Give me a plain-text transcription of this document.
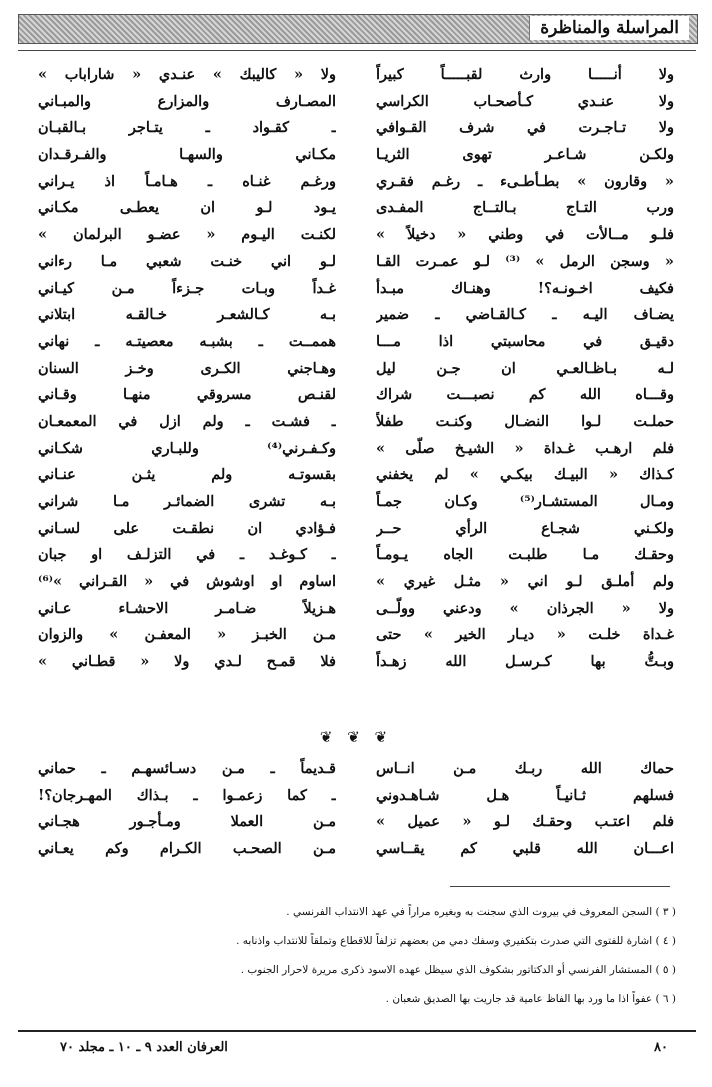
المراسلة والمناظرة
ولا أنـــــا وارث لقبـــــاً كبيراً
ولا « كاليبك » عنـدي « شاراباب »
ولا عنـدي كـأصحـاب الكراسي
المصـارف والمزارع والمبـاني
ولا تـاجـرت في شرف القـوافي
ـ كقـواد ـ يتـاجر بـالقبـان
ولكـن شـاعـر تهوى الثريـا
مكـاني والسهـا والفـرقـدان
« وقارون » بطـأطـىء ـ رغـم فقـري
ورغـم غنـاه ـ هـامـاً اذ يـراني
ورب التـاج بـالتــاج المفـدى
يـود لـو ان يعطـى مكـاني
فلـو مــالأت في وطني « دخيلاً »
لكنـت اليـوم « عضـو البرلمان »
« وسجن الرمل » ⁽³⁾ لـو عمـرت القـا
لـو اني خنـت شعبي مـا رءاني
فكيف اخـونـه؟! وهنـاك مبـدأ
غـداً وبـات جـزءاً مـن كيـاني
يضـاف اليـه ـ كـالقـاضي ـ ضمير
بـه كـالشعـر خـالقـه ابتلاني
دقيـق في محاسبتي اذا مـــا
هممــت ـ بشبـه معصيتـه ـ نهاني
لـه بـاظـالعـي ان جـن ليل
وهـاجني الكـرى وخـز السنان
وقـــاه الله كم نصبـــت شراك
لقنـص مسروقي منهـا وقـاني
حملـت لـوا النضـال وكنـت طفلاً
ـ فشـت ـ ولم ازل في المعمعـان
فلم ارهـب غـداة « الشيـخ صلّى »
وكـفـرني⁽⁴⁾ وللبـاري شكـاني
كـذاك « البيـك بيكـي » لم يخفني
بقسوتـه ولم يثـن عنـاني
ومـال المستشـار⁽⁵⁾ وكـان جمـاً
بـه تشرى الضمائـر مـا شراني
ولكـني شجـاع الرأي حــر
فـؤادي ان نطقـت على لسـاني
وحقـك مـا طلبـت الجاه يـومـاً
ـ كـوغـد ـ في التزلـف او جبان
ولم أملـق لـو اني « مثـل غيري »
اساوم او اوشوش في « القـراني »⁽⁶⁾
ولا « الجرذان » ودعني وولّــى
هـزيلاً ضـامـر الاحشـاء عـاني
غـداة خلـت « ديـار الخير » حتى
مـن الخبـز « المعفـن » والزوان
وبـتُّ بها كـرسـل الله زهـداً
فلا قمـح لـدي ولا « قطـاني »
❦ ❦ ❦
حماك الله ربـك مـن انــاس
قـديماً ـ مـن دسـائسهـم ـ حماني
فسلهم ثـانيـاً هـل شـاهـدوني
ـ كما زعمـوا ـ بـذاك المهـرجان؟!
فلم اعتـب وحقـك لـو « عميل »
مـن العملا ومـأجـور هجـاني
اعـــان الله قلبي كم يقــاسي
مـن الصحـب الكـرام وكم يعـاني
( ٣ ) السجن المعروف في بيروت الذي سجنت به وبغيره مراراً في عهد الانتداب الفرنسي .
( ٤ ) اشارة للفتوى التي صدرت بتكفيري وسفك دمي من بعضهم تزلفاً للاقطاع وتملقاً للانتداب واذنابه .
( ٥ ) المستشار الفرنسي أو الدكتاتور بشكوف الذي سيظل عهده الاسود ذكرى مريرة لاحرار الجنوب .
( ٦ ) عفواً اذا ما ورد بها الفاظ عامية قد جاريت بها الصديق شعبان .
٨٠
العرفان العدد ٩ ـ ١٠ ـ مجلد ٧٠
